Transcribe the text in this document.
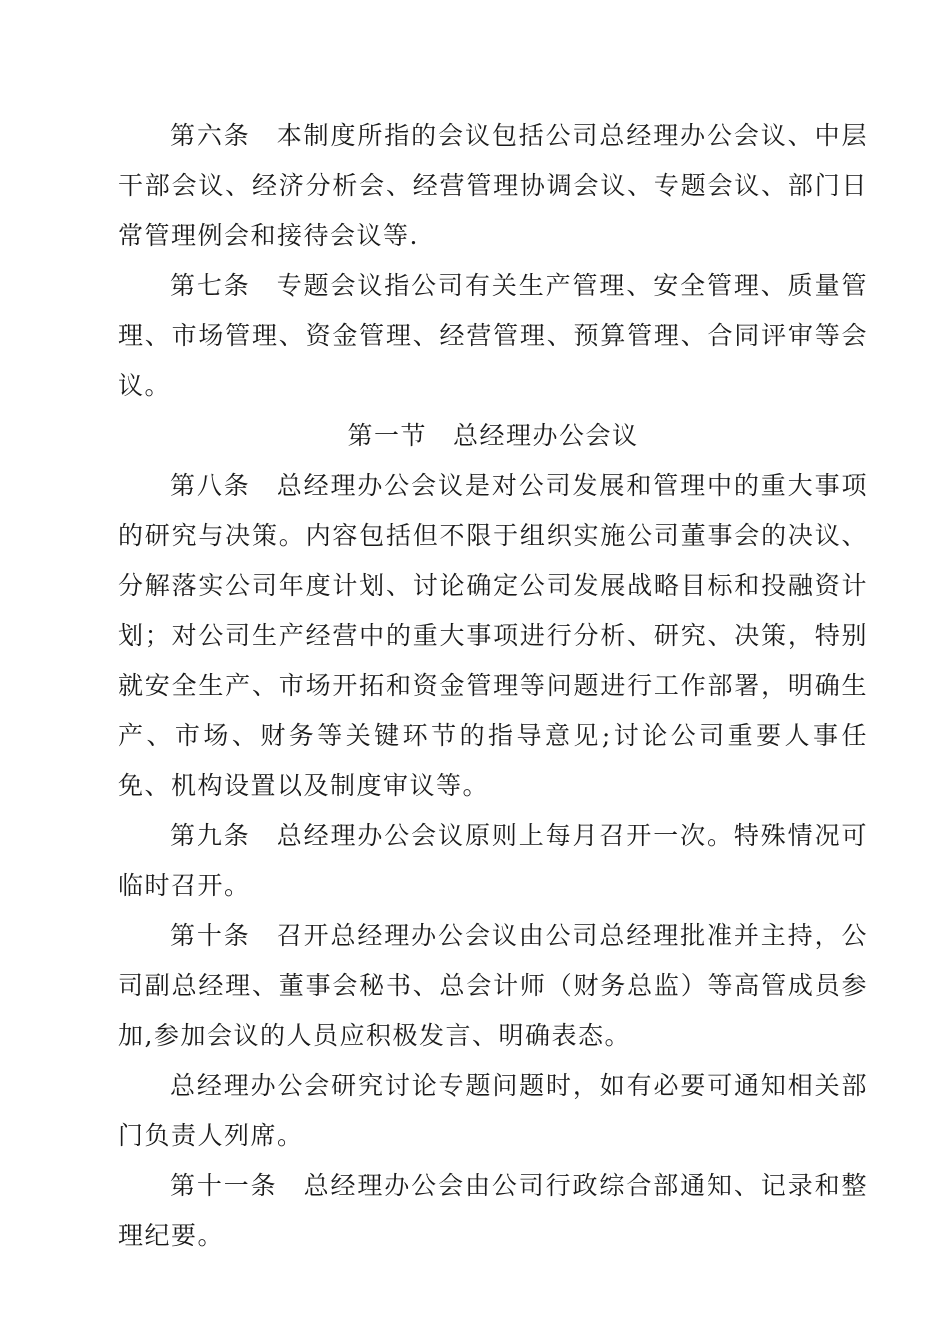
第六条 本制度所指的会议包括公司总经理办公会议、中层干部会议、经济分析会、经营管理协调会议、专题会议、部门日常管理例会和接待会议等.

第七条 专题会议指公司有关生产管理、安全管理、质量管理、市场管理、资金管理、经营管理、预算管理、合同评审等会议。

第一节 总经理办公会议

第八条 总经理办公会议是对公司发展和管理中的重大事项的研究与决策。内容包括但不限于组织实施公司董事会的决议、分解落实公司年度计划、讨论确定公司发展战略目标和投融资计划；对公司生产经营中的重大事项进行分析、研究、决策，特别就安全生产、市场开拓和资金管理等问题进行工作部署，明确生产、市场、财务等关键环节的指导意见;讨论公司重要人事任免、机构设置以及制度审议等。

第九条 总经理办公会议原则上每月召开一次。特殊情况可临时召开。

第十条 召开总经理办公会议由公司总经理批准并主持，公司副总经理、董事会秘书、总会计师（财务总监）等高管成员参加,参加会议的人员应积极发言、明确表态。

总经理办公会研究讨论专题问题时，如有必要可通知相关部门负责人列席。

第十一条 总经理办公会由公司行政综合部通知、记录和整理纪要。
